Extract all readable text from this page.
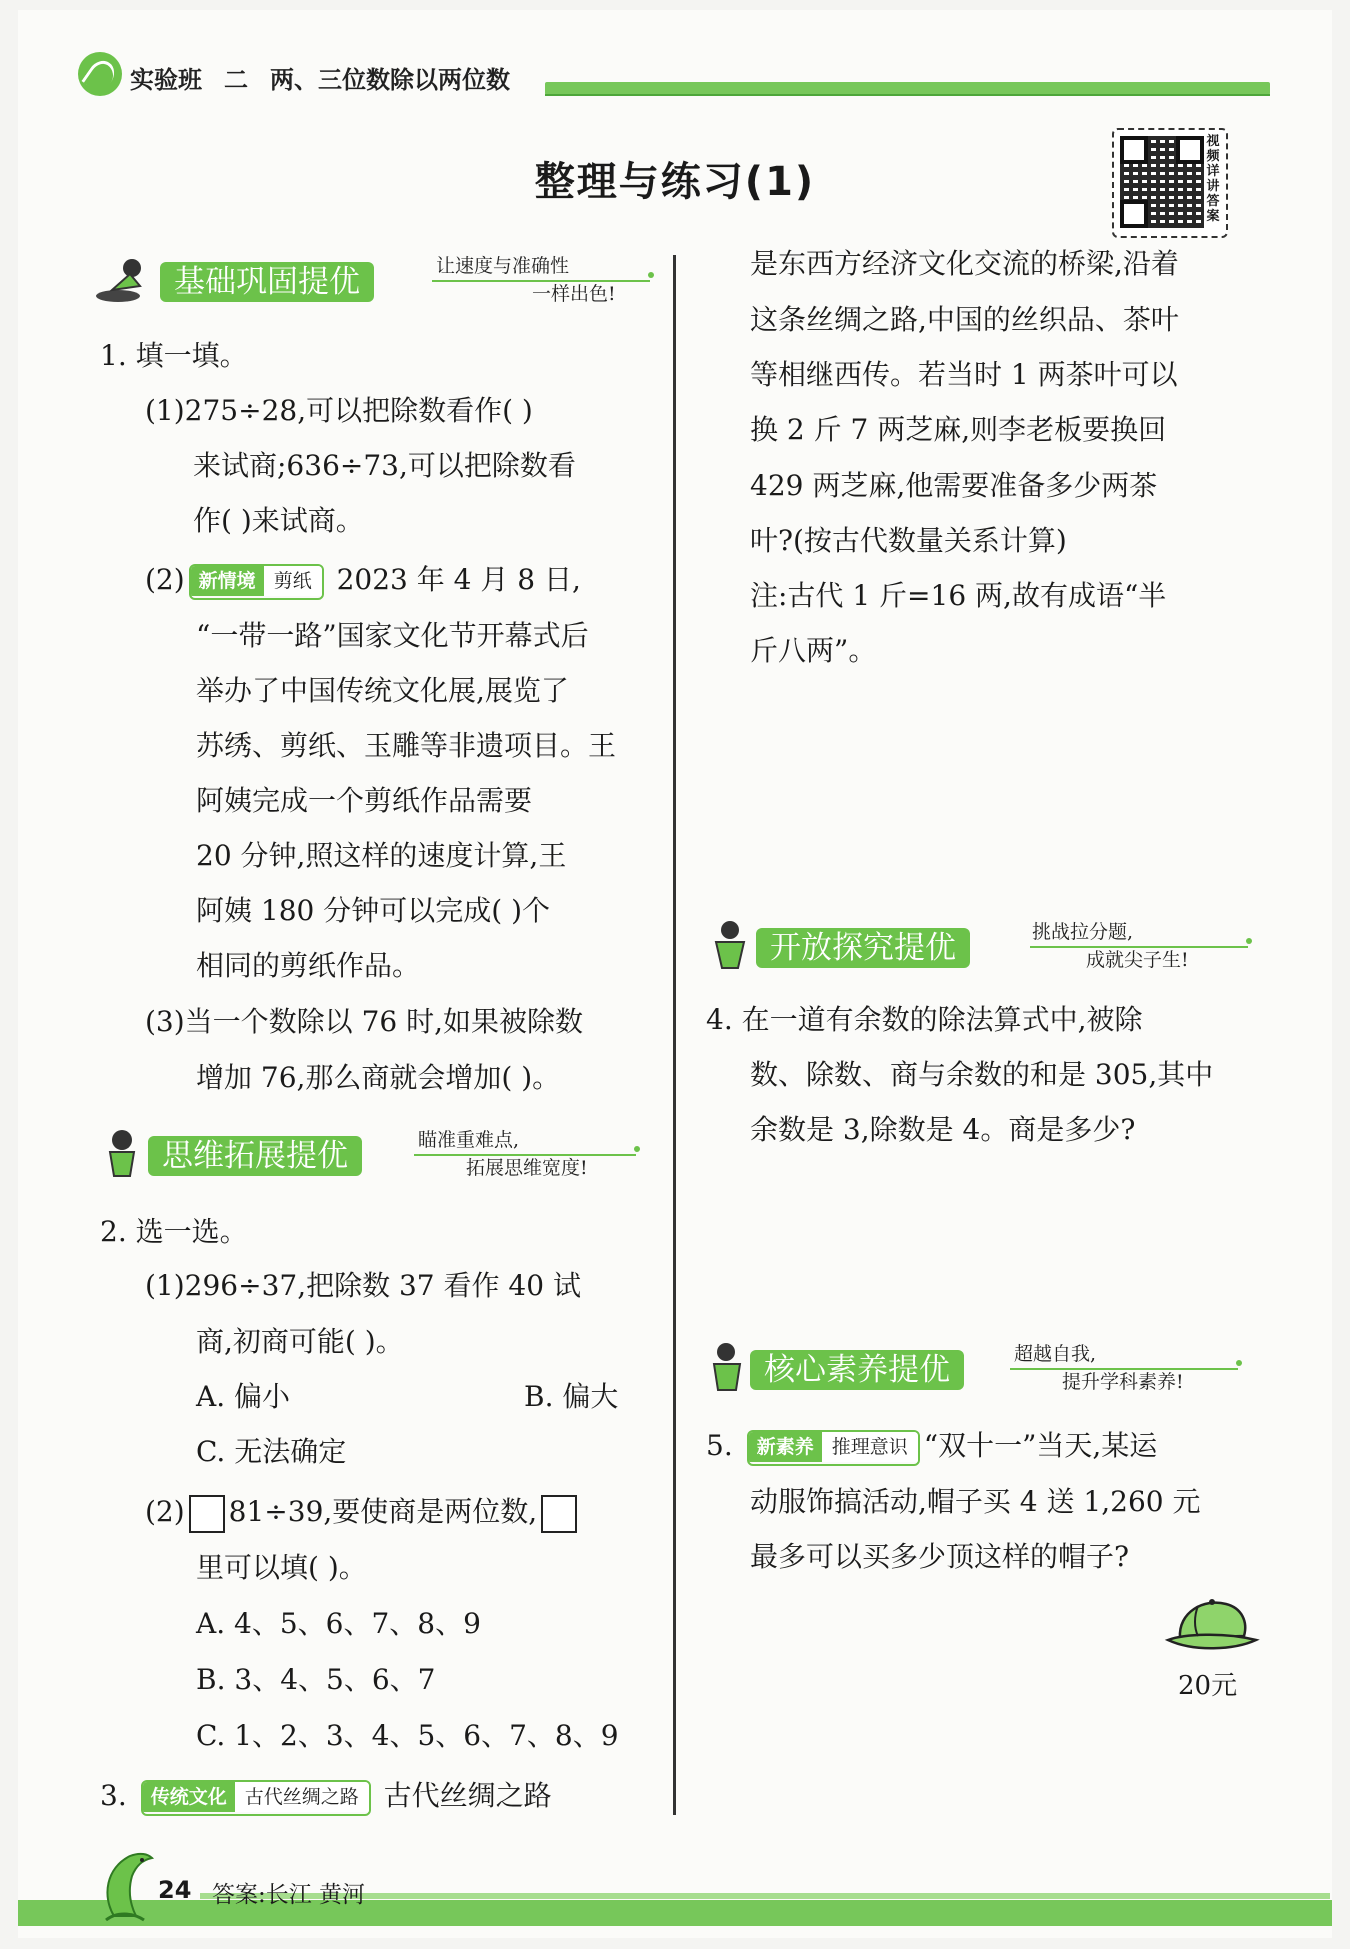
实验班 二 两、三位数除以两位数
整理与练习(1)
视频详讲答案
基础巩固提优	让速度与准确性
一样出色!
1. 填一填。
(1)275÷28,可以把除数看作( )
来试商;636÷73,可以把除数看
作( )来试商。
(2) 新情境 剪纸 2023 年 4 月 8 日,
“一带一路”国家文化节开幕式后
举办了中国传统文化展,展览了
苏绣、剪纸、玉雕等非遗项目。王
阿姨完成一个剪纸作品需要
20 分钟,照这样的速度计算,王
阿姨 180 分钟可以完成( )个
相同的剪纸作品。
(3)当一个数除以 76 时,如果被除数
增加 76,那么商就会增加( )。
思维拓展提优	瞄准重难点,
拓展思维宽度!
2. 选一选。
(1)296÷37,把除数 37 看作 40 试
商,初商可能( )。
A. 偏小	B. 偏大
C. 无法确定
(2) 81÷39,要使商是两位数,
里可以填( )。
A. 4、5、6、7、8、9
B. 3、4、5、6、7
C. 1、2、3、4、5、6、7、8、9
3. 传统文化 古代丝绸之路 古代丝绸之路
是东西方经济文化交流的桥梁,沿着
这条丝绸之路,中国的丝织品、茶叶
等相继西传。若当时 1 两茶叶可以
换 2 斤 7 两芝麻,则李老板要换回
429 两芝麻,他需要准备多少两茶
叶?(按古代数量关系计算)
注:古代 1 斤=16 两,故有成语“半
斤八两”。
开放探究提优	挑战拉分题,
成就尖子生!
4. 在一道有余数的除法算式中,被除
数、除数、商与余数的和是 305,其中
余数是 3,除数是 4。商是多少?
核心素养提优	超越自我,
提升学科素养!
5. 新素养 推理意识 “双十一”当天,某运
动服饰搞活动,帽子买 4 送 1,260 元
最多可以买多少顶这样的帽子?
20元
24 答案:长江 黄河
